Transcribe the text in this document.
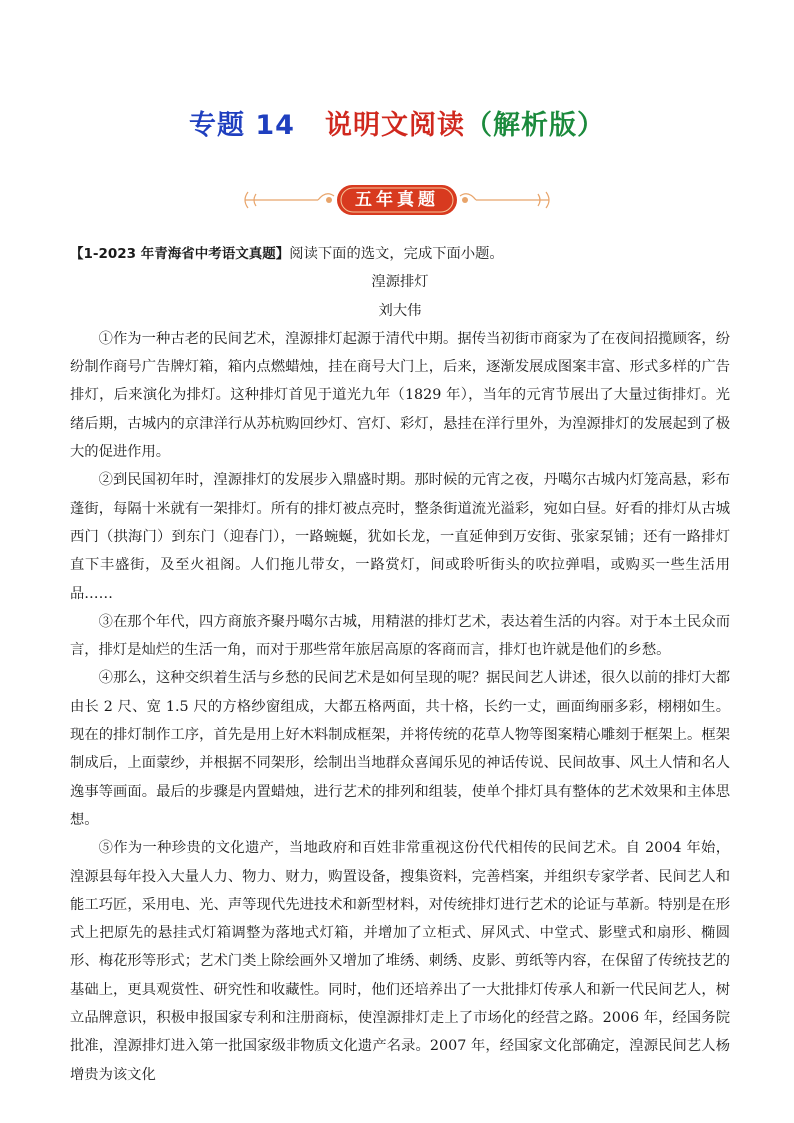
专题 14 说明文阅读（解析版）
五年真题

【1-2023 年青海省中考语文真题】阅读下面的选文，完成下面小题。

湟源排灯

刘大伟

①作为一种古老的民间艺术，湟源排灯起源于清代中期。据传当初街市商家为了在夜间招揽顾客，纷纷制作商号广告牌灯箱，箱内点燃蜡烛，挂在商号大门上，后来，逐渐发展成图案丰富、形式多样的广告排灯，后来演化为排灯。这种排灯首见于道光九年（1829 年），当年的元宵节展出了大量过街排灯。光绪后期，古城内的京津洋行从苏杭购回纱灯、宫灯、彩灯，悬挂在洋行里外，为湟源排灯的发展起到了极大的促进作用。

②到民国初年时，湟源排灯的发展步入鼎盛时期。那时候的元宵之夜，丹噶尔古城内灯笼高悬，彩布蓬街，每隔十米就有一架排灯。所有的排灯被点亮时，整条街道流光溢彩，宛如白昼。好看的排灯从古城西门（拱海门）到东门（迎春门），一路蜿蜒，犹如长龙，一直延伸到万安街、张家泵铺；还有一路排灯直下丰盛街，及至火祖阁。人们拖儿带女，一路赏灯，间或聆听街头的吹拉弹唱，或购买一些生活用品……

③在那个年代，四方商旅齐聚丹噶尔古城，用精湛的排灯艺术，表达着生活的内容。对于本土民众而言，排灯是灿烂的生活一角，而对于那些常年旅居高原的客商而言，排灯也许就是他们的乡愁。

④那么，这种交织着生活与乡愁的民间艺术是如何呈现的呢？据民间艺人讲述，很久以前的排灯大都由长 2 尺、宽 1.5 尺的方格纱窗组成，大都五格两面，共十格，长约一丈，画面绚丽多彩，栩栩如生。现在的排灯制作工序，首先是用上好木料制成框架，并将传统的花草人物等图案精心雕刻于框架上。框架制成后，上面蒙纱，并根据不同架形，绘制出当地群众喜闻乐见的神话传说、民间故事、风土人情和名人逸事等画面。最后的步骤是内置蜡烛，进行艺术的排列和组装，使单个排灯具有整体的艺术效果和主体思想。

⑤作为一种珍贵的文化遗产，当地政府和百姓非常重视这份代代相传的民间艺术。自 2004 年始，湟源县每年投入大量人力、物力、财力，购置设备，搜集资料，完善档案，并组织专家学者、民间艺人和能工巧匠，采用电、光、声等现代先进技术和新型材料，对传统排灯进行艺术的论证与革新。特别是在形式上把原先的悬挂式灯箱调整为落地式灯箱，并增加了立柜式、屏风式、中堂式、影壁式和扇形、椭圆形、梅花形等形式；艺术门类上除绘画外又增加了堆绣、刺绣、皮影、剪纸等内容，在保留了传统技艺的基础上，更具观赏性、研究性和收藏性。同时，他们还培养出了一大批排灯传承人和新一代民间艺人，树立品牌意识，积极申报国家专利和注册商标，使湟源排灯走上了市场化的经营之路。2006 年，经国务院批准，湟源排灯进入第一批国家级非物质文化遗产名录。2007 年，经国家文化部确定，湟源民间艺人杨增贵为该文化
